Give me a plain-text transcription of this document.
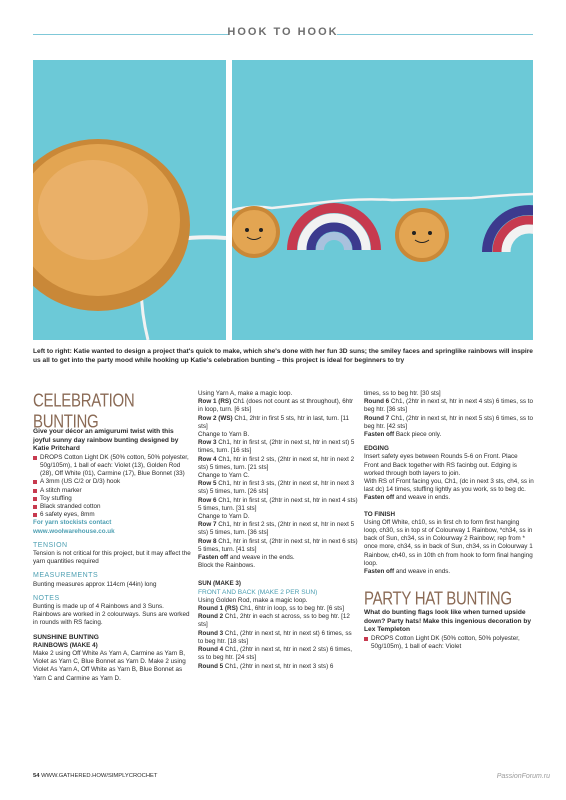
HOOK TO HOOK
Left to right: Katie wanted to design a project that's quick to make, which she's done with her fun 3D suns; the smiley faces and springlike rainbows will inspire us all to get into the party mood while hooking up Katie's celebration bunting – this project is ideal for beginners to try

CELEBRATION BUNTING

Give your décor an amigurumi twist with this joyful sunny day rainbow bunting designed by Katie Pritchard

DROPS Cotton Light DK (50% cotton, 50% polyester, 50g/105m), 1 ball of each: Violet (13), Golden Rod (28), Off White (01), Carmine (17), Blue Bonnet (33)

A 3mm (US C/2 or D/3) hook

A stitch marker

Toy stuffing

Black stranded cotton

6 safety eyes, 8mm

For yarn stockists contact www.woolwarehouse.co.uk

TENSION

Tension is not critical for this project, but it may affect the yarn quantities required

MEASUREMENTS

Bunting measures approx 114cm (44in) long

NOTES

Bunting is made up of 4 Rainbows and 3 Suns. Rainbows are worked in 2 colourways. Suns are worked in rounds with RS facing.

SUNSHINE BUNTING

RAINBOWS (MAKE 4)

Make 2 using Off White As Yarn A, Carmine as Yarn B, Violet as Yarn C, Blue Bonnet as Yarn D. Make 2 using Violet As Yarn A, Off White as Yarn B, Blue Bonnet as Yarn C and Carmine as Yarn D.

Using Yarn A, make a magic loop.

Row 1 (RS) Ch1 (does not count as st throughout), 6htr in loop, turn. [6 sts]

Row 2 (WS) Ch1, 2htr in first 5 sts, htr in last, turn. [11 sts]

Change to Yarn B.

Row 3 Ch1, htr in first st, (2htr in next st, htr in next st) 5 times, turn. [16 sts]

Row 4 Ch1, htr in first 2 sts, (2htr in next st, htr in next 2 sts) 5 times, turn. [21 sts]

Change to Yarn C.

Row 5 Ch1, htr in first 3 sts, (2htr in next st, htr in next 3 sts) 5 times, turn. [26 sts]

Row 6 Ch1, htr in first st, (2htr in next st, htr in next 4 sts) 5 times, turn. [31 sts]

Change to Yarn D.

Row 7 Ch1, htr in first 2 sts, (2htr in next st, htr in next 5 sts) 5 times, turn. [36 sts]

Row 8 Ch1, htr in first st, (2htr in next st, htr in next 6 sts) 5 times, turn. [41 sts]

Fasten off and weave in the ends.

Block the Rainbows.

SUN (MAKE 3)

FRONT AND BACK (MAKE 2 PER SUN)

Using Golden Rod, make a magic loop.

Round 1 (RS) Ch1, 6htr in loop, ss to beg htr. [6 sts]

Round 2 Ch1, 2htr in each st across, ss to beg htr. [12 sts]

Round 3 Ch1, (2htr in next st, htr in next st) 6 times, ss to beg htr. [18 sts]

Round 4 Ch1, (2htr in next st, htr in next 2 sts) 6 times, ss to beg htr. [24 sts]

Round 5 Ch1, (2htr in next st, htr in next 3 sts) 6

times, ss to beg htr. [30 sts]

Round 6 Ch1, (2htr in next st, htr in next 4 sts) 6 times, ss to beg htr. [36 sts]

Round 7 Ch1, (2htr in next st, htr in next 5 sts) 6 times, ss to beg htr. [42 sts]

Fasten off Back piece only.

EDGING

Insert safety eyes between Rounds 5-6 on Front. Place Front and Back together with RS facinbg out. Edging is worked through both layers to join.

With RS of Front facing you, Ch1, (dc in next 3 sts, ch4, ss in last dc) 14 times, stuffing lightly as you work, ss to beg dc.

Fasten off and weave in ends.

TO FINISH

Using Off White, ch10, ss in first ch to form first hanging loop, ch30, ss in top st of Colourway 1 Rainbow, *ch34, ss in back of Sun, ch34, ss in Colourway 2 Rainbow; rep from * once more, ch34, ss in back of Sun, ch34, ss in Colourway 1 Rainbow, ch40, ss in 10th ch from hook to form final hanging loop.

Fasten off and weave in ends.

PARTY HAT BUNTING

What do bunting flags look like when turned upside down? Party hats! Make this ingenious decoration by Lex Templeton

DROPS Cotton Light DK (50% cotton, 50% polyester, 50g/105m), 1 ball of each: Violet

54 WWW.GATHERED.HOW/SIMPLYCROCHET	PassionForum.ru
